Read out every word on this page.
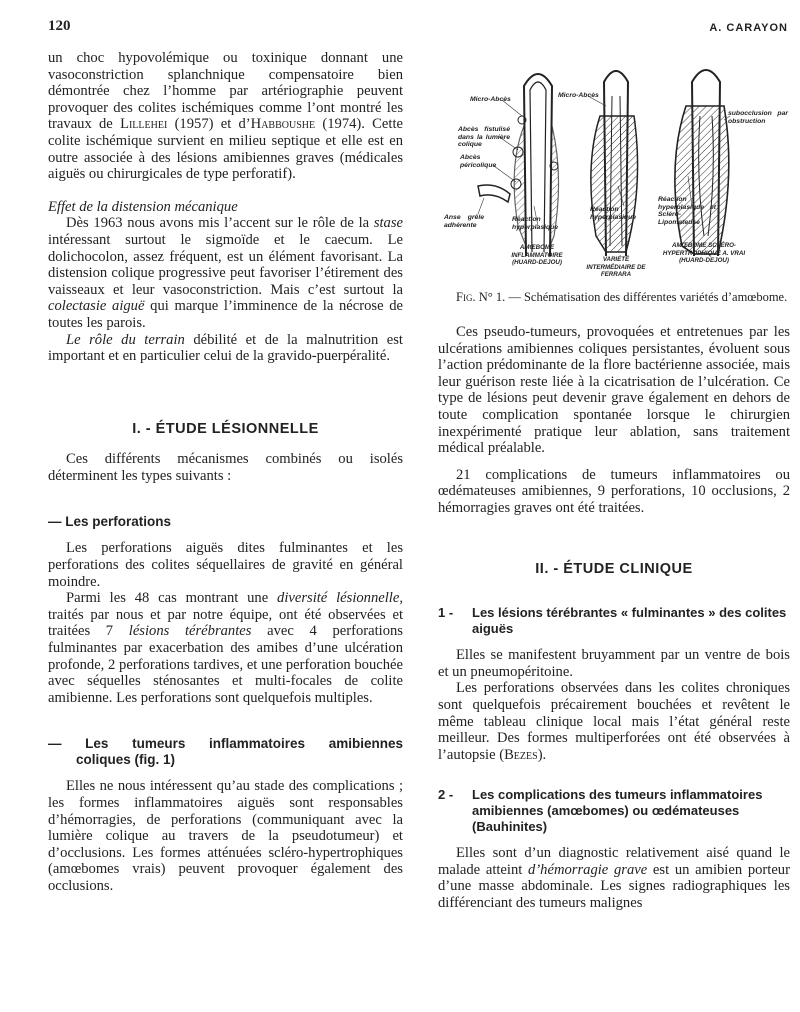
120	A. CARAYON

un choc hypovolémique ou toxinique donnant une vasoconstriction splanchnique compensatoire bien démontrée chez l’homme par artériographie peuvent provoquer des colites ischémiques comme l’ont montré les travaux de Lillehei (1957) et d’Habboushe (1974). Cette colite ischémique survient en milieu septique et elle est en outre associée à des lésions amibiennes graves (médicales aiguës ou chirurgicales de type perforatif).

Effet de la distension mécanique

Dès 1963 nous avons mis l’accent sur le rôle de la stase intéressant surtout le sigmoïde et le caecum. Le dolichocolon, assez fréquent, est un élément favorisant. La distension colique progressive peut favoriser l’étirement des vaisseaux et leur vasoconstriction. Mais c’est surtout la colectasie aiguë qui marque l’imminence de la nécrose de toutes les parois.

Le rôle du terrain débilité et de la malnutrition est important et en particulier celui de la gravido-puerpéralité.

I. - ÉTUDE LÉSIONNELLE

Ces différents mécanismes combinés ou isolés déterminent les types suivants :

— Les perforations

Les perforations aiguës dites fulminantes et les perforations des colites séquellaires de gravité en général moindre.

Parmi les 48 cas montrant une diversité lésionnelle, traités par nous et par notre équipe, ont été observées et traitées 7 lésions térébrantes avec 4 perforations fulminantes par exacerbation des amibes d’une ulcération profonde, 2 perforations tardives, et une perforation bouchée avec séquelles sténosantes et multi-focales de colite amibienne. Les perforations sont quelquefois multiples.

— Les tumeurs inflammatoires amibiennes

coliques (fig. 1)

Elles ne nous intéressent qu’au stade des complications ; les formes inflammatoires aiguës sont responsables d’hémorragies, de perforations (communiquant avec la lumière colique au travers de la pseudotumeur) et d’occlusions. Les formes atténuées scléro-hypertrophiques (amœbomes vrais) peuvent provoquer également des occlusions.

Micro-Abcès
Micro-Abcès
Abcès fistulisé dans la lumière colique
Abcès péricolique
Anse grêle adhérente
Réaction hyperplasique
Réaction hyperplasique
Réaction hyperplasique et Scléro-Lipomateuse
subocclusion par obstruction
AMŒBOME INFLAMMATOIRE (HUARD-DEJOU)	VARIÉTÉ INTERMÉDIAIRE DE FERRARA
AMŒBOME SCLÉRO-HYPERTROPHIQUE A. VRAI (HUARD-DEJOU)

Fig. N° 1. — Schématisation des différentes variétés d’amœbome.

Ces pseudo-tumeurs, provoquées et entretenues par les ulcérations amibiennes coliques persistantes, évoluent sous l’action prédominante de la flore bactérienne associée, mais leur guérison reste liée à la cicatrisation de l’ulcération. Ce type de lésions peut devenir grave également en dehors de toute complication spontanée lorsque le chirurgien inexpérimenté pratique leur ablation, sans traitement médical préalable.

21 complications de tumeurs inflammatoires ou œdémateuses amibiennes, 9 perforations, 10 occlusions, 2 hémorragies graves ont été traitées.

II. - ÉTUDE CLINIQUE

1 - Les lésions térébrantes « fulminantes » des colites aiguës

Elles se manifestent bruyamment par un ventre de bois et un pneumopéritoine.

Les perforations observées dans les colites chroniques sont quelquefois précairement bouchées et revêtent le même tableau clinique local mais l’état général reste meilleur. Des formes multiperforées ont été observées à l’autopsie (Bezes).

2 - Les complications des tumeurs inflammatoires amibiennes (amœbomes) ou œdémateuses (Bauhinites)

Elles sont d’un diagnostic relativement aisé quand le malade atteint d’hémorragie grave est un amibien porteur d’une masse abdominale. Les signes radiographiques les différenciant des tumeurs malignes
